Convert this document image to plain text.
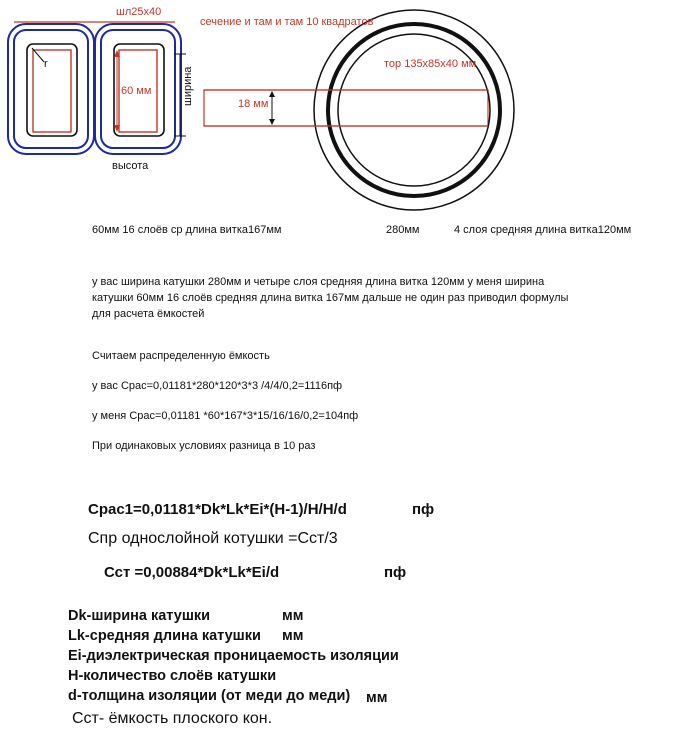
шл25х40
сечение и там и там 10 квадратов
r
60 мм	ширина
высота
18 мм
тор 135х85х40 мм
60мм 16 слоёв ср длина витка167мм	280мм	4 слоя средняя длина витка120мм
у вас ширина катушки 280мм и четыре слоя средняя длина витка 120мм у меня ширина
катушки 60мм 16 слоёв средняя длина витка 167мм дальше не один раз приводил формулы
для расчета ёмкостей
Считаем распределенную ёмкость
у вас Срас=0,01181*280*120*3*3 /4/4/0,2=1116пф
у меня Срас=0,01181 *60*167*3*15/16/16/0,2=104пф
При одинаковых условиях разница в 10 раз
Срас1=0,01181*Dk*Lk*Ei*(H-1)/H/H/d	пф
Спр однослойной котушки =Сст/3
Сст =0,00884*Dk*Lk*Ei/d	пф
Dk-ширина катушки	мм
Lk-средняя длина катушки мм
Ei-диэлектрическая проницаемость изоляции
Н-количество слоёв катушки
d-толщина изоляции (от меди до меди) мм
Сст- ёмкость плоского кон.
